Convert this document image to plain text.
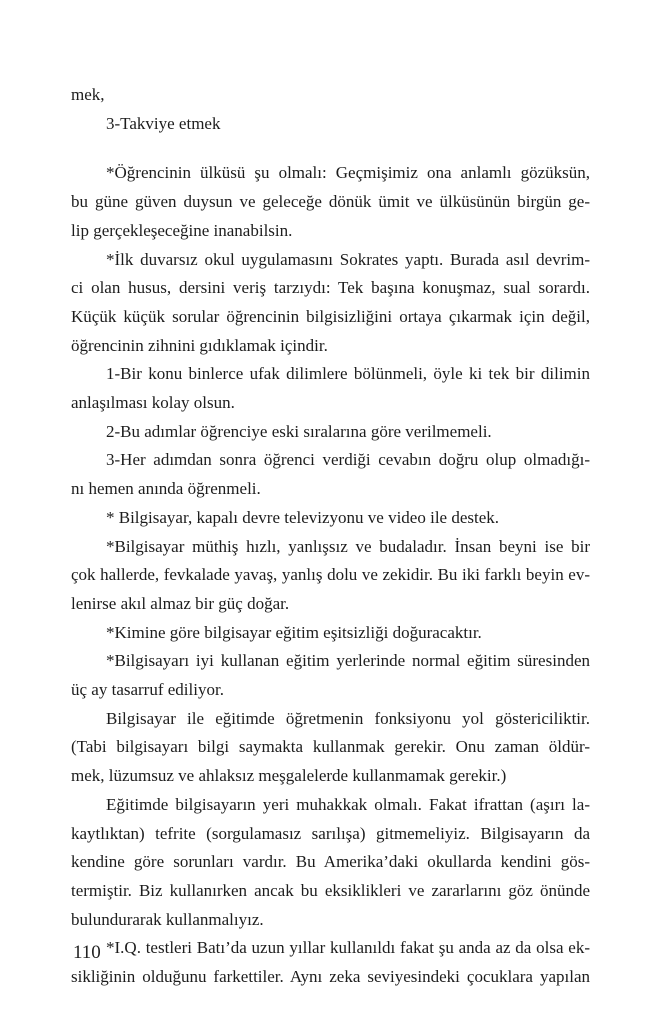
mek,
3-Takviye etmek
*Öğrencinin ülküsü şu olmalı: Geçmişimiz ona anlamlı gözüksün,
bu güne güven duysun ve geleceğe dönük ümit ve ülküsünün birgün ge-
lip gerçekleşeceğine inanabilsin.
*İlk duvarsız okul uygulamasını Sokrates yaptı. Burada asıl devrim-
ci olan husus, dersini veriş tarzıydı: Tek başına konuşmaz, sual sorardı.
Küçük küçük sorular öğrencinin bilgisizliğini ortaya çıkarmak için değil,
öğrencinin zihnini gıdıklamak içindir.
1-Bir konu binlerce ufak dilimlere bölünmeli, öyle ki tek bir dilimin
anlaşılması kolay olsun.
2-Bu adımlar öğrenciye eski sıralarına göre verilmemeli.
3-Her adımdan sonra öğrenci verdiği cevabın doğru olup olmadığı-
nı hemen anında öğrenmeli.
* Bilgisayar, kapalı devre televizyonu ve video ile destek.
*Bilgisayar müthiş hızlı, yanlışsız ve budaladır. İnsan beyni ise bir
çok hallerde, fevkalade yavaş, yanlış dolu ve zekidir. Bu iki farklı beyin ev-
lenirse akıl almaz bir güç doğar.
*Kimine göre bilgisayar eğitim eşitsizliği doğuracaktır.
*Bilgisayarı iyi kullanan eğitim yerlerinde normal eğitim süresinden
üç ay tasarruf ediliyor.
Bilgisayar ile eğitimde öğretmenin fonksiyonu yol göstericiliktir.
(Tabi bilgisayarı bilgi saymakta kullanmak gerekir. Onu zaman öldür-
mek, lüzumsuz ve ahlaksız meşgalelerde kullanmamak gerekir.)
Eğitimde bilgisayarın yeri muhakkak olmalı. Fakat ifrattan (aşırı la-
kaytlıktan) tefrite (sorgulamasız sarılışa) gitmemeliyiz. Bilgisayarın da
kendine göre sorunları vardır. Bu Amerika’daki okullarda kendini gös-
termiştir. Biz kullanırken ancak bu eksiklikleri ve zararlarını göz önünde
bulundurarak kullanmalıyız.
*I.Q. testleri Batı’da uzun yıllar kullanıldı fakat şu anda az da olsa ek-
sikliğinin olduğunu farkettiler. Aynı zeka seviyesindeki çocuklara yapılan
110
